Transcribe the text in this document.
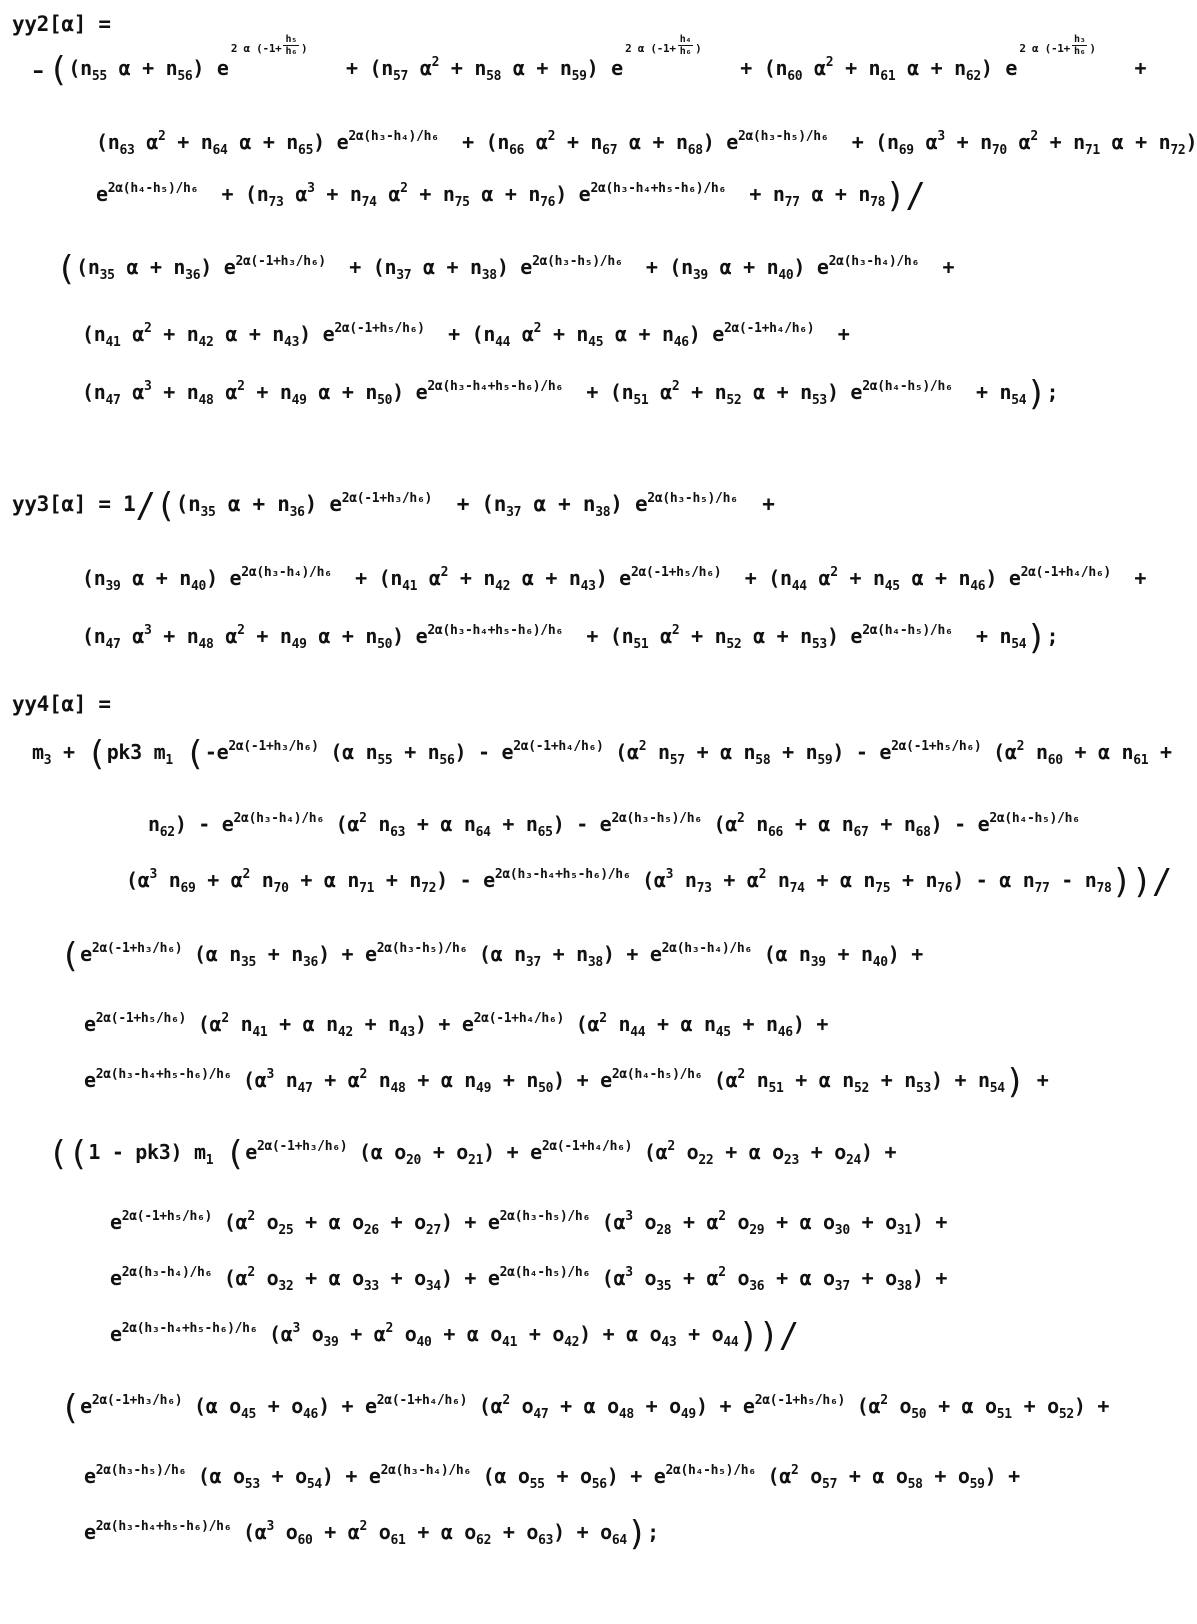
yy2[α] =
$-((n_{55}$ $\alpha + n_{56}$) e
2 α ($-1+ \frac{\text{h₅}}{\text{h₆}}$ )
+ ($n_{57}$ $\alpha^2 + n_{58}$ $\alpha + n_{59}$) e
2 α ($-1+ \frac{\text{h₄}}{\text{h₆}}$ )
+ ($n_{60}$ $\alpha^2 + n_{61}$ $\alpha + n_{62}$) e
2 α ($-1+ \frac{\text{h₃}}{\text{h₆}}$ )
+
($n_{63}$ $\alpha^2 + n_{64}$ $\alpha + n_{65}$) $e^{2\alpha(h_3-h_4)/h_6} + (n_{66}$ $\alpha^2 + n_{67}$ $\alpha + n_{68}$) $e^{2\alpha(h_3-h_5)/h_6} + (n_{69}$ $\alpha^3 + n_{70}$ $\alpha^2 + n_{71}$ $\alpha + n_{72}$)
$e^{2\alpha(h_4-h_5)/h_6} + (n_{73}$ $\alpha^3 + n_{74}$ $\alpha^2 + n_{75}$ $\alpha + n_{76}$) $e^{2\alpha(h_3-h_4+h_5-h_6)/h_6} + n_{77}$ $\alpha + n_{78})/$
(($n_{35}$ $\alpha + n_{36}$) $e^{2\alpha(-1+h_3/h_6)} + (n_{37}$ $\alpha + n_{38}$) $e^{2\alpha(h_3-h_5)/h_6} + (n_{39}$ $\alpha + n_{40}$) $e^{2\alpha(h_3-h_4)/h_6}$  +
($n_{41}$ $\alpha^2 + n_{42}$ $\alpha + n_{43}$) $e^{2\alpha(-1+h_5/h_6)} + (n_{44}$ $\alpha^2 + n_{45}$ $\alpha + n_{46}$) $e^{2\alpha(-1+h_4/h_6)}$  +
($n_{47}$ $\alpha^3 + n_{48}$ $\alpha^2 + n_{49}$ $\alpha + n_{50}$) $e^{2\alpha(h_3-h_4+h_5-h_6)/h_6} + (n_{51}$ $\alpha^2 + n_{52}$ $\alpha + n_{53}$) $e^{2\alpha(h_4-h_5)/h_6} + n_{54}$);
$yy3[\alpha] = 1/((n_{35}$ $\alpha + n_{36}$) $e^{2\alpha(-1+h_3/h_6)} + (n_{37}$ $\alpha + n_{38}$) $e^{2\alpha(h_3-h_5)/h_6}$  +
($n_{39}$ $\alpha + n_{40}$) $e^{2\alpha(h_3-h_4)/h_6} + (n_{41}$ $\alpha^2 + n_{42}$ $\alpha + n_{43}$) $e^{2\alpha(-1+h_5/h_6)} + (n_{44}$ $\alpha^2 + n_{45}$ $\alpha + n_{46}$) $e^{2\alpha(-1+h_4/h_6)}$  +
($n_{47}$ $\alpha^3 + n_{48}$ $\alpha^2 + n_{49}$ $\alpha + n_{50}$) $e^{2\alpha(h_3-h_4+h_5-h_6)/h_6} + (n_{51}$ $\alpha^2 + n_{52}$ $\alpha + n_{53}$) $e^{2\alpha(h_4-h_5)/h_6} + n_{54}$);
yy4[α] =
$m_3 + (pk3$ $m_1$ ($-e^{2\alpha(-1+h_3/h_6)}$ (α $n_{55} + n_{56}) - e^{2\alpha(-1+h_4/h_6)}$ ($\alpha^2$ $n_{57} + \alpha$ $n_{58} + n_{59}) - e^{2\alpha(-1+h_5/h_6)}$ ($\alpha^2$ $n_{60} + \alpha$ $n_{61}$ +
$n_{62}) - e^{2\alpha(h_3-h_4)/h_6}$ ($\alpha^2$ $n_{63} + \alpha$ $n_{64} + n_{65}) - e^{2\alpha(h_3-h_5)/h_6}$ ($\alpha^2$ $n_{66} + \alpha$ $n_{67} + n_{68}) - e^{2\alpha(h_4-h_5)/h_6}$
($\alpha^3$ $n_{69} + \alpha^2$ $n_{70} + \alpha$ $n_{71} + n_{72}) - e^{2\alpha(h_3-h_4+h_5-h_6)/h_6}$ ($\alpha^3$ $n_{73} + \alpha^2$ $n_{74} + \alpha$ $n_{75} + n_{76}) - \alpha$ $n_{77} - n_{78}))/$
($e^{2\alpha(-1+h_3/h_6)}$ (α $n_{35} + n_{36}) + e^{2\alpha(h_3-h_5)/h_6}$ (α $n_{37} + n_{38}) + e^{2\alpha(h_3-h_4)/h_6}$ (α $n_{39} + n_{40}$) +
$e^{2\alpha(-1+h_5/h_6)}$ ($\alpha^2$ $n_{41} + \alpha$ $n_{42} + n_{43}) + e^{2\alpha(-1+h_4/h_6)}$ ($\alpha^2$ $n_{44} + \alpha$ $n_{45} + n_{46}$) +
$e^{2\alpha(h_3-h_4+h_5-h_6)/h_6}$ ($\alpha^3$ $n_{47} + \alpha^2$ $n_{48} + \alpha$ $n_{49} + n_{50}) + e^{2\alpha(h_4-h_5)/h_6}$ ($\alpha^2$ $n_{51} + \alpha$ $n_{52} + n_{53}) + n_{54}$) +
((1 - pk3) $m_1$ ($e^{2\alpha(-1+h_3/h_6)}$ (α $o_{20} + o_{21}) + e^{2\alpha(-1+h_4/h_6)}$ ($\alpha^2$ $o_{22} + \alpha$ $o_{23} + o_{24}$) +
$e^{2\alpha(-1+h_5/h_6)}$ ($\alpha^2$ $o_{25} + \alpha$ $o_{26} + o_{27}) + e^{2\alpha(h_3-h_5)/h_6}$ ($\alpha^3$ $o_{28} + \alpha^2$ $o_{29} + \alpha$ $o_{30} + o_{31}$) +
$e^{2\alpha(h_3-h_4)/h_6}$ ($\alpha^2$ $o_{32} + \alpha$ $o_{33} + o_{34}) + e^{2\alpha(h_4-h_5)/h_6}$ ($\alpha^3$ $o_{35} + \alpha^2$ $o_{36} + \alpha$ $o_{37} + o_{38}$) +
$e^{2\alpha(h_3-h_4+h_5-h_6)/h_6}$ ($\alpha^3$ $o_{39} + \alpha^2$ $o_{40} + \alpha$ $o_{41} + o_{42}) + \alpha$ $o_{43} + o_{44}))/$
($e^{2\alpha(-1+h_3/h_6)}$ (α $o_{45} + o_{46}) + e^{2\alpha(-1+h_4/h_6)}$ ($\alpha^2$ $o_{47} + \alpha$ $o_{48} + o_{49}) + e^{2\alpha(-1+h_5/h_6)}$ ($\alpha^2$ $o_{50} + \alpha$ $o_{51} + o_{52}$) +
$e^{2\alpha(h_3-h_5)/h_6}$ (α $o_{53} + o_{54}) + e^{2\alpha(h_3-h_4)/h_6}$ (α $o_{55} + o_{56}) + e^{2\alpha(h_4-h_5)/h_6}$ ($\alpha^2$ $o_{57} + \alpha$ $o_{58} + o_{59}$) +
$e^{2\alpha(h_3-h_4+h_5-h_6)/h_6}$ ($\alpha^3$ $o_{60} + \alpha^2$ $o_{61} + \alpha$ $o_{62} + o_{63}) + o_{64}$);
